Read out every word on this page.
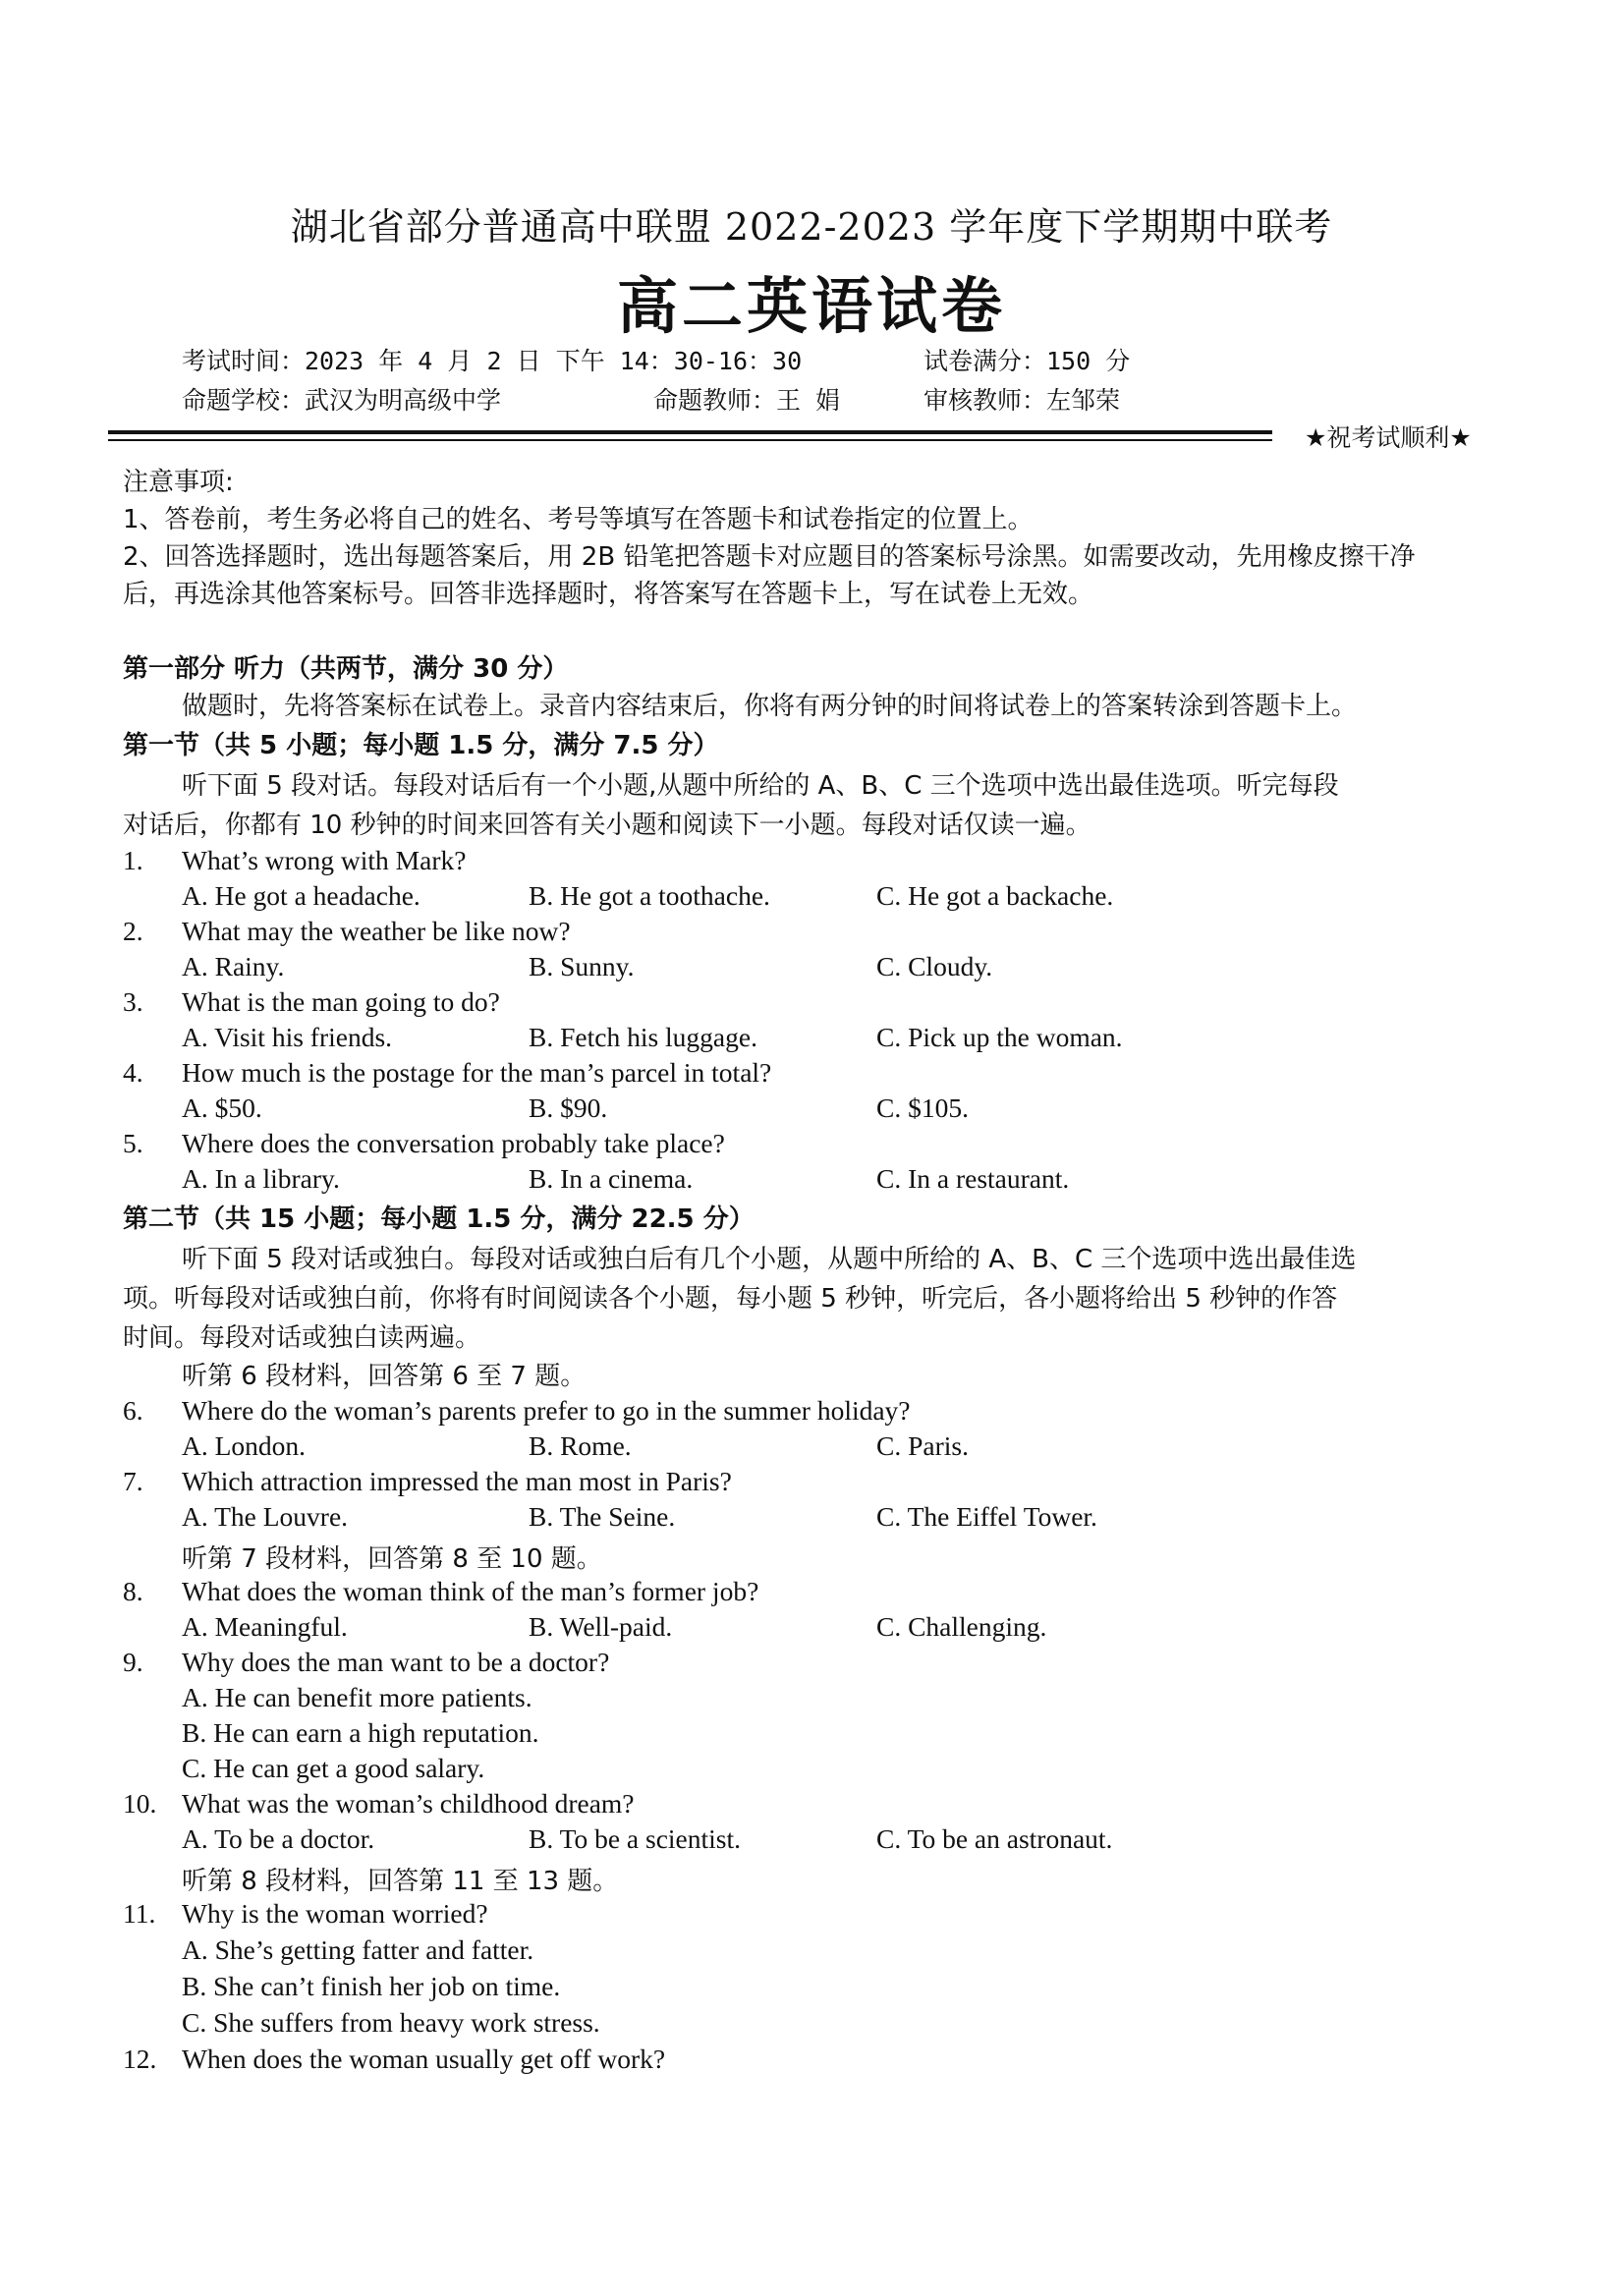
湖北省部分普通高中联盟 2022-2023 学年度下学期期中联考
高二英语试卷
考试时间：2023 年 4 月 2 日 下午 14：30-16：30	试卷满分：150 分
命题学校：武汉为明高级中学	命题教师：王 娟	审核教师：左邹荣
★祝考试顺利★
注意事项:
1、答卷前，考生务必将自己的姓名、考号等填写在答题卡和试卷指定的位置上。
2、回答选择题时，选出每题答案后，用 2B 铅笔把答题卡对应题目的答案标号涂黑。如需要改动，先用橡皮擦干净
后，再选涂其他答案标号。回答非选择题时，将答案写在答题卡上，写在试卷上无效。
第一部分 听力（共两节，满分 30 分）
做题时，先将答案标在试卷上。录音内容结束后，你将有两分钟的时间将试卷上的答案转涂到答题卡上。
第一节（共 5 小题；每小题 1.5 分，满分 7.5 分）
听下面 5 段对话。每段对话后有一个小题,从题中所给的 A、B、C 三个选项中选出最佳选项。听完每段
对话后，你都有 10 秒钟的时间来回答有关小题和阅读下一小题。每段对话仅读一遍。
1. What’s wrong with Mark?
A. He got a headache.	B. He got a toothache.	C. He got a backache.
2. What may the weather be like now?
A. Rainy.	B. Sunny.	C. Cloudy.
3. What is the man going to do?
A. Visit his friends.	B. Fetch his luggage.	C. Pick up the woman.
4. How much is the postage for the man’s parcel in total?
A. $50.	B. $90.	C. $105.
5. Where does the conversation probably take place?
A. In a library.	B. In a cinema.	C. In a restaurant.
第二节（共 15 小题；每小题 1.5 分，满分 22.5 分）
听下面 5 段对话或独白。每段对话或独白后有几个小题，从题中所给的 A、B、C 三个选项中选出最佳选
项。听每段对话或独白前，你将有时间阅读各个小题，每小题 5 秒钟，听完后，各小题将给出 5 秒钟的作答
时间。每段对话或独白读两遍。
听第 6 段材料，回答第 6 至 7 题。
6. Where do the woman’s parents prefer to go in the summer holiday?
A. London.	B. Rome.	C. Paris.
7. Which attraction impressed the man most in Paris?
A. The Louvre.	B. The Seine.	C. The Eiffel Tower.
听第 7 段材料，回答第 8 至 10 题。
8. What does the woman think of the man’s former job?
A. Meaningful.	B. Well-paid.	C. Challenging.
9. Why does the man want to be a doctor?
A. He can benefit more patients.
B. He can earn a high reputation.
C. He can get a good salary.
10. What was the woman’s childhood dream?
A. To be a doctor.	B. To be a scientist.	C. To be an astronaut.
听第 8 段材料，回答第 11 至 13 题。
11. Why is the woman worried?
A. She’s getting fatter and fatter.
B. She can’t finish her job on time.
C. She suffers from heavy work stress.
12. When does the woman usually get off work?
